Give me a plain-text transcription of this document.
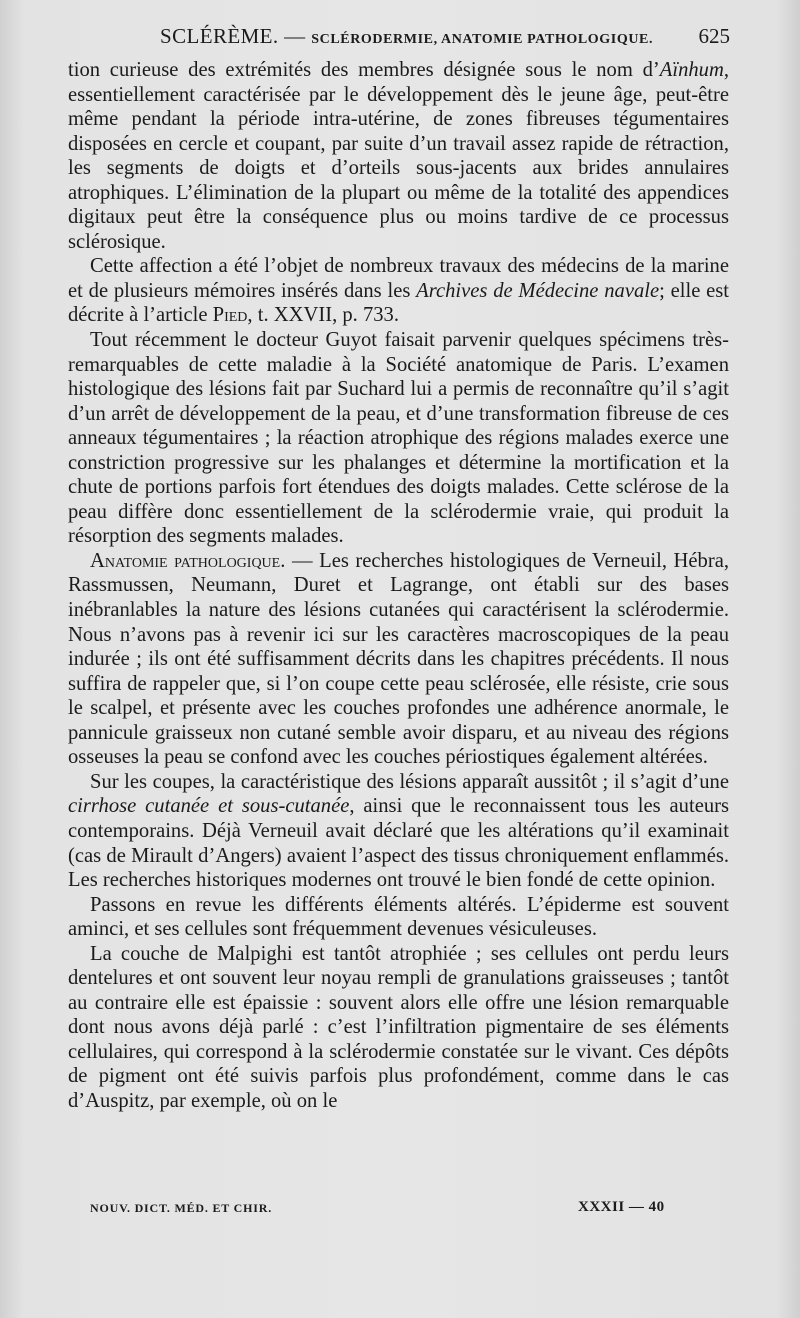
SCLÉRÈME. — SCLÉRODERMIE, ANATOMIE PATHOLOGIQUE. 625

tion curieuse des extrémités des membres désignée sous le nom d’Aïnhum, essentiellement caractérisée par le développement dès le jeune âge, peut-être même pendant la période intra-utérine, de zones fibreuses tégumentaires disposées en cercle et coupant, par suite d’un travail assez rapide de rétraction, les segments de doigts et d’orteils sous-jacents aux brides annulaires atrophiques. L’élimination de la plupart ou même de la totalité des appendices digitaux peut être la conséquence plus ou moins tardive de ce processus sclérosique.

Cette affection a été l’objet de nombreux travaux des médecins de la marine et de plusieurs mémoires insérés dans les Archives de Médecine navale; elle est décrite à l’article Pied, t. XXVII, p. 733.

Tout récemment le docteur Guyot faisait parvenir quelques spécimens très-remarquables de cette maladie à la Société anatomique de Paris. L’examen histologique des lésions fait par Suchard lui a permis de reconnaître qu’il s’agit d’un arrêt de développement de la peau, et d’une transformation fibreuse de ces anneaux tégumentaires ; la réaction atrophique des régions malades exerce une constriction progressive sur les phalanges et détermine la mortification et la chute de portions parfois fort étendues des doigts malades. Cette sclérose de la peau diffère donc essentiellement de la sclérodermie vraie, qui produit la résorption des segments malades.

Anatomie pathologique. — Les recherches histologiques de Verneuil, Hébra, Rassmussen, Neumann, Duret et Lagrange, ont établi sur des bases inébranlables la nature des lésions cutanées qui caractérisent la sclérodermie. Nous n’avons pas à revenir ici sur les caractères macroscopiques de la peau indurée ; ils ont été suffisamment décrits dans les chapitres précédents. Il nous suffira de rappeler que, si l’on coupe cette peau sclérosée, elle résiste, crie sous le scalpel, et présente avec les couches profondes une adhérence anormale, le pannicule graisseux non cutané semble avoir disparu, et au niveau des régions osseuses la peau se confond avec les couches périostiques également altérées.

Sur les coupes, la caractéristique des lésions apparaît aussitôt ; il s’agit d’une cirrhose cutanée et sous-cutanée, ainsi que le reconnaissent tous les auteurs contemporains. Déjà Verneuil avait déclaré que les altérations qu’il examinait (cas de Mirault d’Angers) avaient l’aspect des tissus chroniquement enflammés. Les recherches historiques modernes ont trouvé le bien fondé de cette opinion.

Passons en revue les différents éléments altérés. L’épiderme est souvent aminci, et ses cellules sont fréquemment devenues vésiculeuses.

La couche de Malpighi est tantôt atrophiée ; ses cellules ont perdu leurs dentelures et ont souvent leur noyau rempli de granulations graisseuses ; tantôt au contraire elle est épaissie : souvent alors elle offre une lésion remarquable dont nous avons déjà parlé : c’est l’infiltration pigmentaire de ses éléments cellulaires, qui correspond à la sclérodermie constatée sur le vivant. Ces dépôts de pigment ont été suivis parfois plus profondément, comme dans le cas d’Auspitz, par exemple, où on le

NOUV. DICT. MÉD. ET CHIR.	XXXII — 40
